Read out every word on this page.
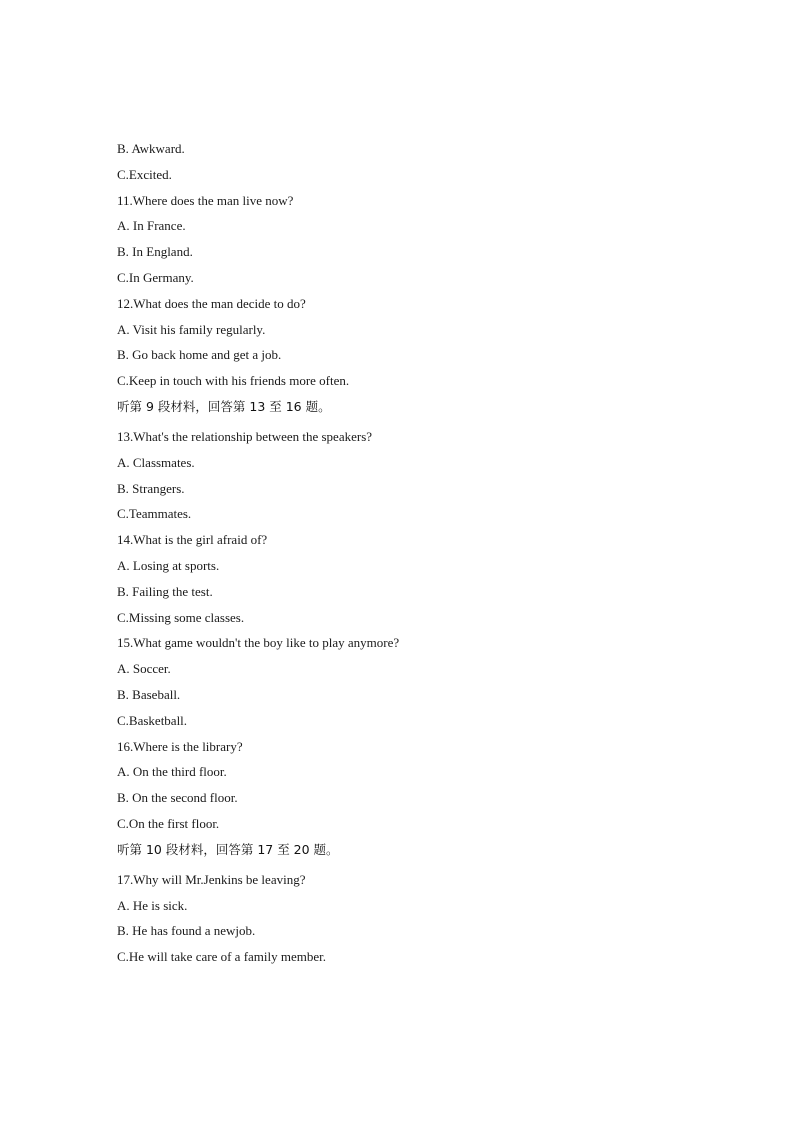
B. Awkward.
C.Excited.
11.Where does the man live now?
A. In France.
B. In England.
C.In Germany.
12.What does the man decide to do?
A. Visit his family regularly.
B. Go back home and get a job.
C.Keep in touch with his friends more often.
听第 9 段材料，回答第 13 至 16 题。
13.What's the relationship between the speakers?
A. Classmates.
B. Strangers.
C.Teammates.
14.What is the girl afraid of?
A. Losing at sports.
B. Failing the test.
C.Missing some classes.
15.What game wouldn't the boy like to play anymore?
A. Soccer.
B. Baseball.
C.Basketball.
16.Where is the library?
A. On the third floor.
B. On the second floor.
C.On the first floor.
听第 10 段材料，回答第 17 至 20 题。
17.Why will Mr.Jenkins be leaving?
A. He is sick.
B. He has found a newjob.
C.He will take care of a family member.
